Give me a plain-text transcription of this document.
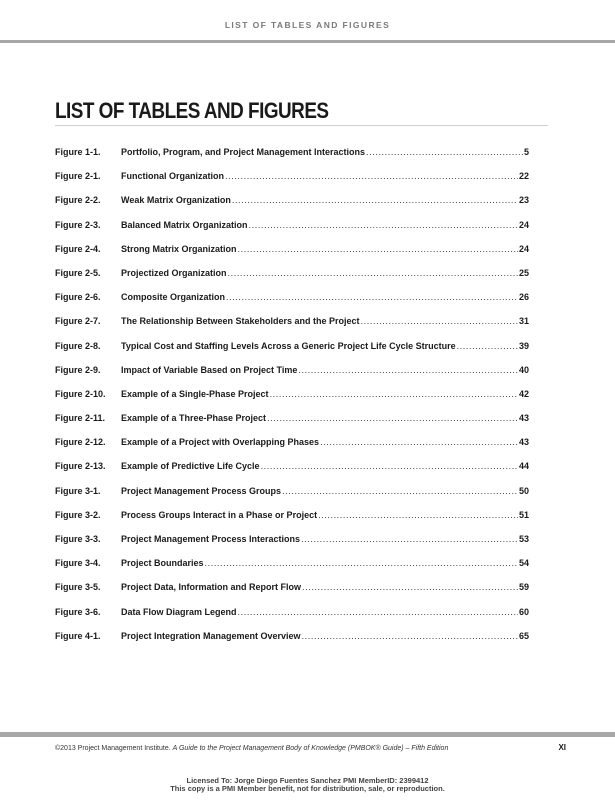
LIST OF TABLES AND FIGURES
LIST OF TABLES AND FIGURES
Figure 1-1.	Portfolio, Program, and Project Management Interactions .....	5
Figure 2-1.	Functional Organization .....	22
Figure 2-2.	Weak Matrix Organization .....	23
Figure 2-3.	Balanced Matrix Organization .....	24
Figure 2-4.	Strong Matrix Organization .....	24
Figure 2-5.	Projectized Organization .....	25
Figure 2-6.	Composite Organization .....	26
Figure 2-7.	The Relationship Between Stakeholders and the Project .....	31
Figure 2-8.	Typical Cost and Staffing Levels Across a Generic Project Life Cycle Structure .....	39
Figure 2-9.	Impact of Variable Based on Project Time .....	40
Figure 2-10.	Example of a Single-Phase Project .....	42
Figure 2-11.	Example of a Three-Phase Project .....	43
Figure 2-12.	Example of a Project with Overlapping Phases .....	43
Figure 2-13.	Example of Predictive Life Cycle .....	44
Figure 3-1.	Project Management Process Groups .....	50
Figure 3-2.	Process Groups Interact in a Phase or Project .....	51
Figure 3-3.	Project Management Process Interactions .....	53
Figure 3-4.	Project Boundaries .....	54
Figure 3-5.	Project Data, Information and Report Flow .....	59
Figure 3-6.	Data Flow Diagram Legend .....	60
Figure 4-1.	Project Integration Management Overview .....	65
©2013 Project Management Institute. A Guide to the Project Management Body of Knowledge (PMBOK® Guide) – Fifth Edition	XI
Licensed To: Jorge Diego Fuentes Sanchez PMI MemberID: 2399412
This copy is a PMI Member benefit, not for distribution, sale, or reproduction.
